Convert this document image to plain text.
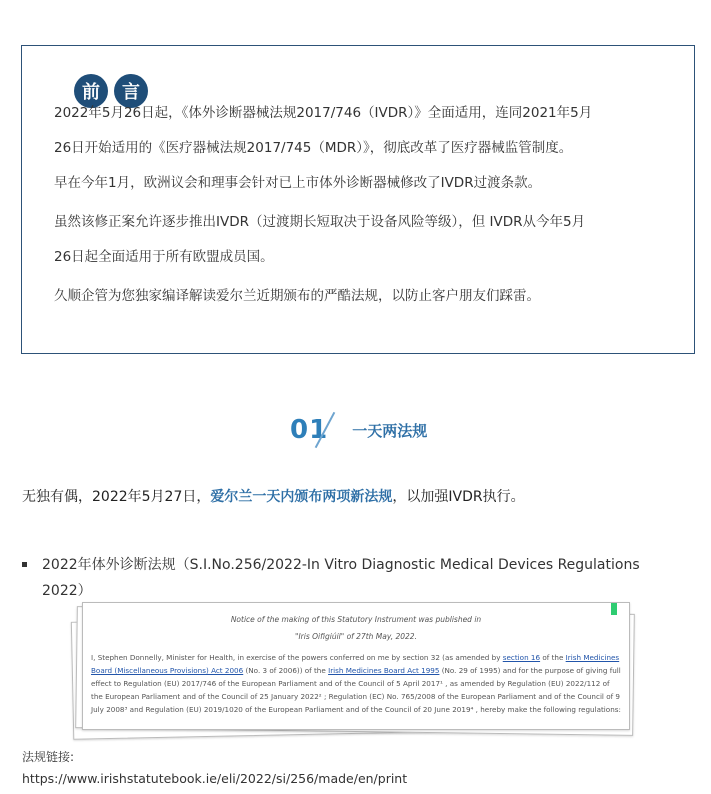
前	言

2022年5月26日起，《体外诊断器械法规2017/746（IVDR）》全面适用，连同2021年5月

26日开始适用的《医疗器械法规2017/745（MDR）》，彻底改革了医疗器械监管制度。

早在今年1月，欧洲议会和理事会针对已上市体外诊断器械修改了IVDR过渡条款。

虽然该修正案允许逐步推出IVDR（过渡期长短取决于设备风险等级），但 IVDR从今年5月

26日起全面适用于所有欧盟成员国。

久顺企管为您独家编译解读爱尔兰近期颁布的严酷法规，以防止客户朋友们踩雷。

01 一天两法规
无独有偶，2022年5月27日，爱尔兰一天内颁布两项新法规，以加强IVDR执行。
2022年体外诊断法规（S.I.No.256/2022-In Vitro Diagnostic Medical Devices Regulations 2022）
Notice of the making of this Statutory Instrument was published in
"Iris Oifigiúil" of 27th May, 2022.
I, Stephen Donnelly, Minister for Health, in exercise of the powers conferred on me by section 32 (as amended by section 16 of the Irish Medicines Board (Miscellaneous Provisions) Act 2006 (No. 3 of 2006)) of the Irish Medicines Board Act 1995 (No. 29 of 1995) and for the purpose of giving full effect to Regulation (EU) 2017/746 of the European Parliament and of the Council of 5 April 2017¹ , as amended by Regulation (EU) 2022/112 of the European Parliament and of the Council of 25 January 2022² ; Regulation (EC) No. 765/2008 of the European Parliament and of the Council of 9 July 2008³ and Regulation (EU) 2019/1020 of the European Parliament and of the Council of 20 June 2019⁴ , hereby make the following regulations:
法规链接:
https://www.irishstatutebook.ie/eli/2022/si/256/made/en/print
